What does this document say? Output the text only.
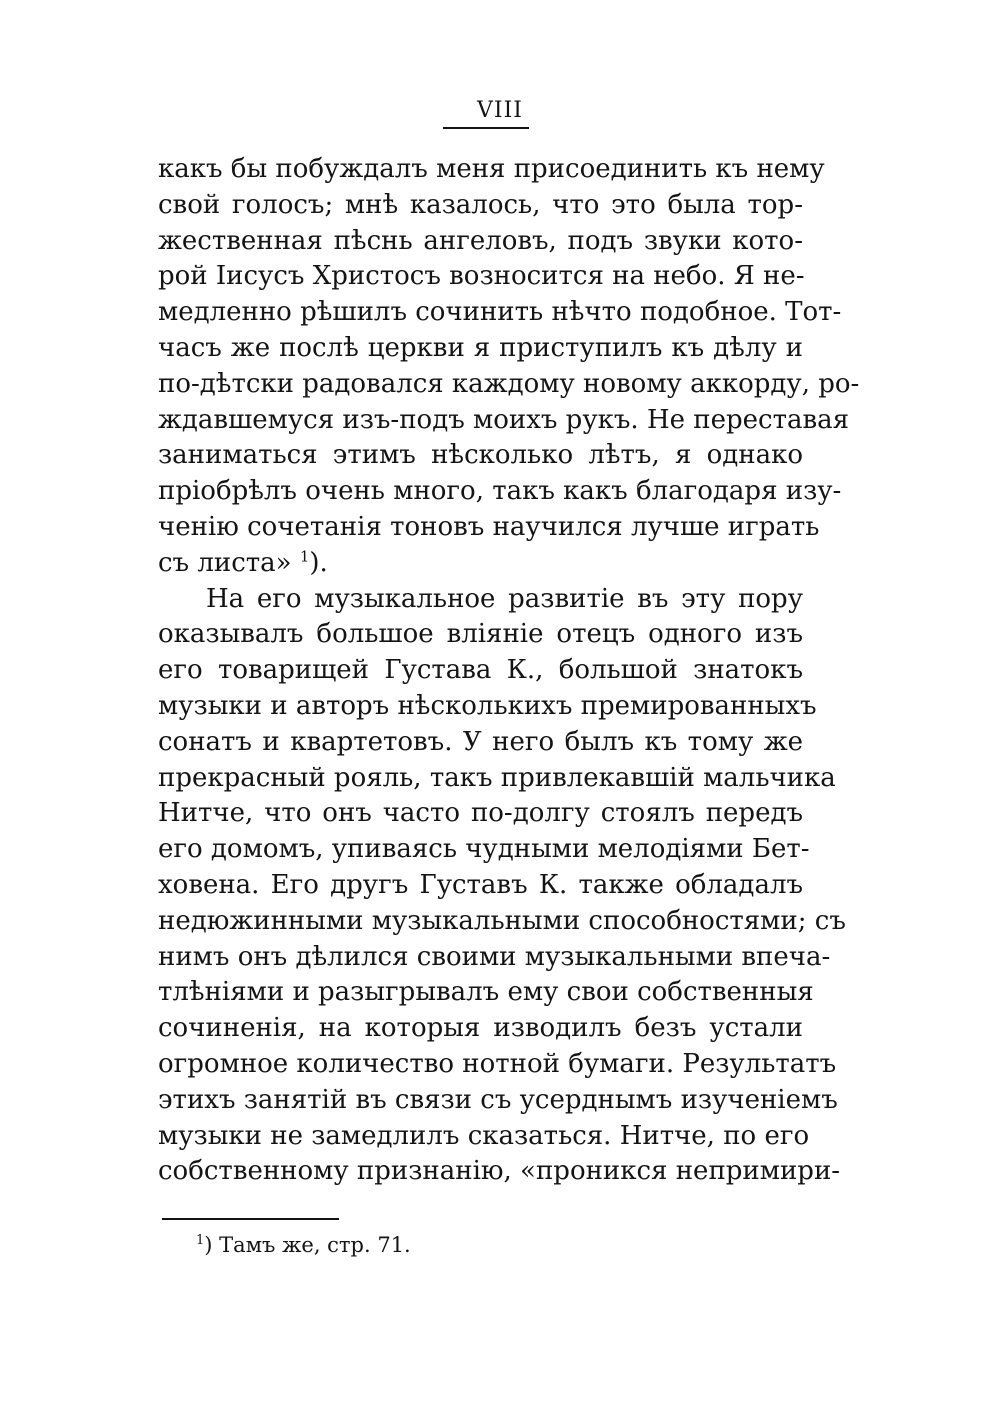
VIII
какъ бы побуждалъ меня присоединить къ нему
свой голосъ; мнѣ казалось, что это была тор-
жественная пѣснь ангеловъ, подъ звуки кото-
рой Іисусъ Христосъ возносится на небо. Я не-
медленно рѣшилъ сочинить нѣчто подобное. Тот-
часъ же послѣ церкви я приступилъ къ дѣлу и
по-дѣтски радовался каждому новому аккорду, ро-
ждавшемуся изъ-подъ моихъ рукъ. Не переставая
заниматься этимъ нѣсколько лѣтъ, я однако
пріобрѣлъ очень много, такъ какъ благодаря изу-
ченію сочетанія тоновъ научился лучше играть
съ листа» $^1$).
На его музыкальное развитіе въ эту пору
оказывалъ большое вліяніе отецъ одного изъ
его товарищей Густава К., большой знатокъ
музыки и авторъ нѣсколькихъ премированныхъ
сонатъ и квартетовъ. У него былъ къ тому же
прекрасный рояль, такъ привлекавшій мальчика
Нитче, что онъ часто по-долгу стоялъ передъ
его домомъ, упиваясь чудными мелодіями Бет-
ховена. Его другъ Густавъ К. также обладалъ
недюжинными музыкальными способностями; съ
нимъ онъ дѣлился своими музыкальными впеча-
тлѣніями и разыгрывалъ ему свои собственныя
сочиненія, на которыя изводилъ безъ устали
огромное количество нотной бумаги. Результатъ
этихъ занятій въ связи съ усерднымъ изученіемъ
музыки не замедлилъ сказаться. Нитче, по его
собственному признанію, «проникся непримири-
$^1$) Тамъ же, стр. 71.
